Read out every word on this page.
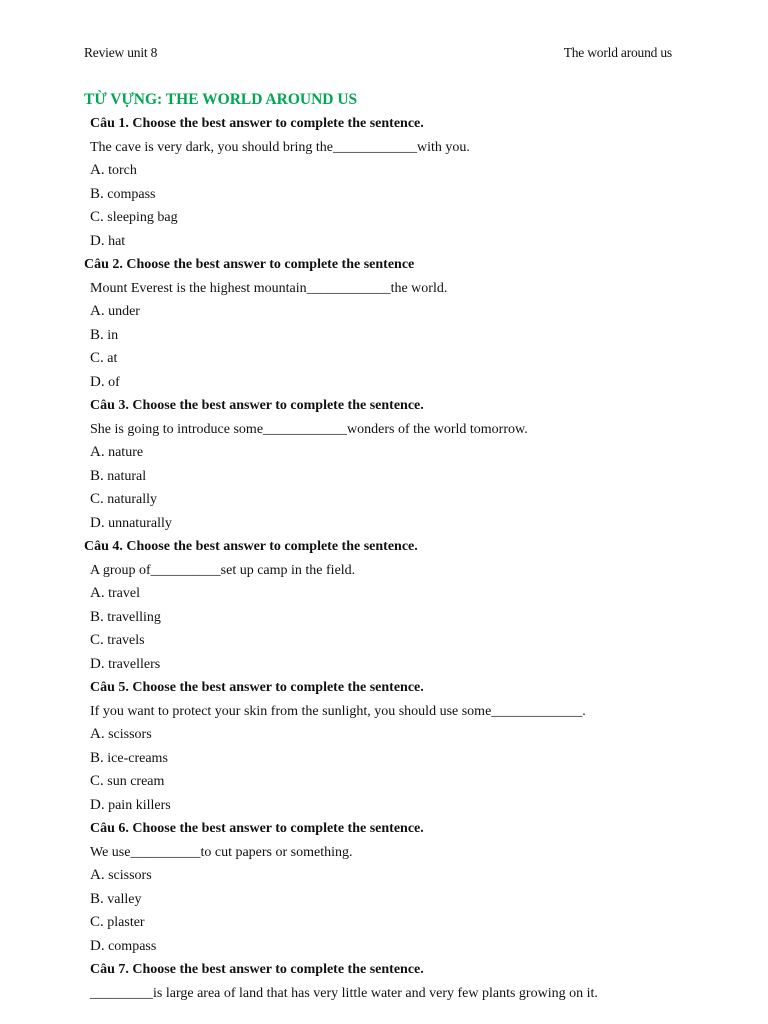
Review unit 8	The world around us
TỪ VỰNG: THE WORLD AROUND US
Câu 1. Choose the best answer to complete the sentence.
The cave is very dark, you should bring the____________with you.
A. torch
B. compass
C. sleeping bag
D. hat
Câu 2. Choose the best answer to complete the sentence
Mount Everest is the highest mountain____________the world.
A. under
B. in
C. at
D. of
Câu 3. Choose the best answer to complete the sentence.
She is going to introduce some____________wonders of the world tomorrow.
A. nature
B. natural
C. naturally
D. unnaturally
Câu 4. Choose the best answer to complete the sentence.
A group of__________set up camp in the field.
A. travel
B. travelling
C. travels
D. travellers
Câu 5. Choose the best answer to complete the sentence.
If you want to protect your skin from the sunlight, you should use some_____________.
A. scissors
B. ice-creams
C. sun cream
D. pain killers
Câu 6. Choose the best answer to complete the sentence.
We use__________to cut papers or something.
A. scissors
B. valley
C. plaster
D. compass
Câu 7. Choose the best answer to complete the sentence.
_________is large area of land that has very little water and very few plants growing on it.
